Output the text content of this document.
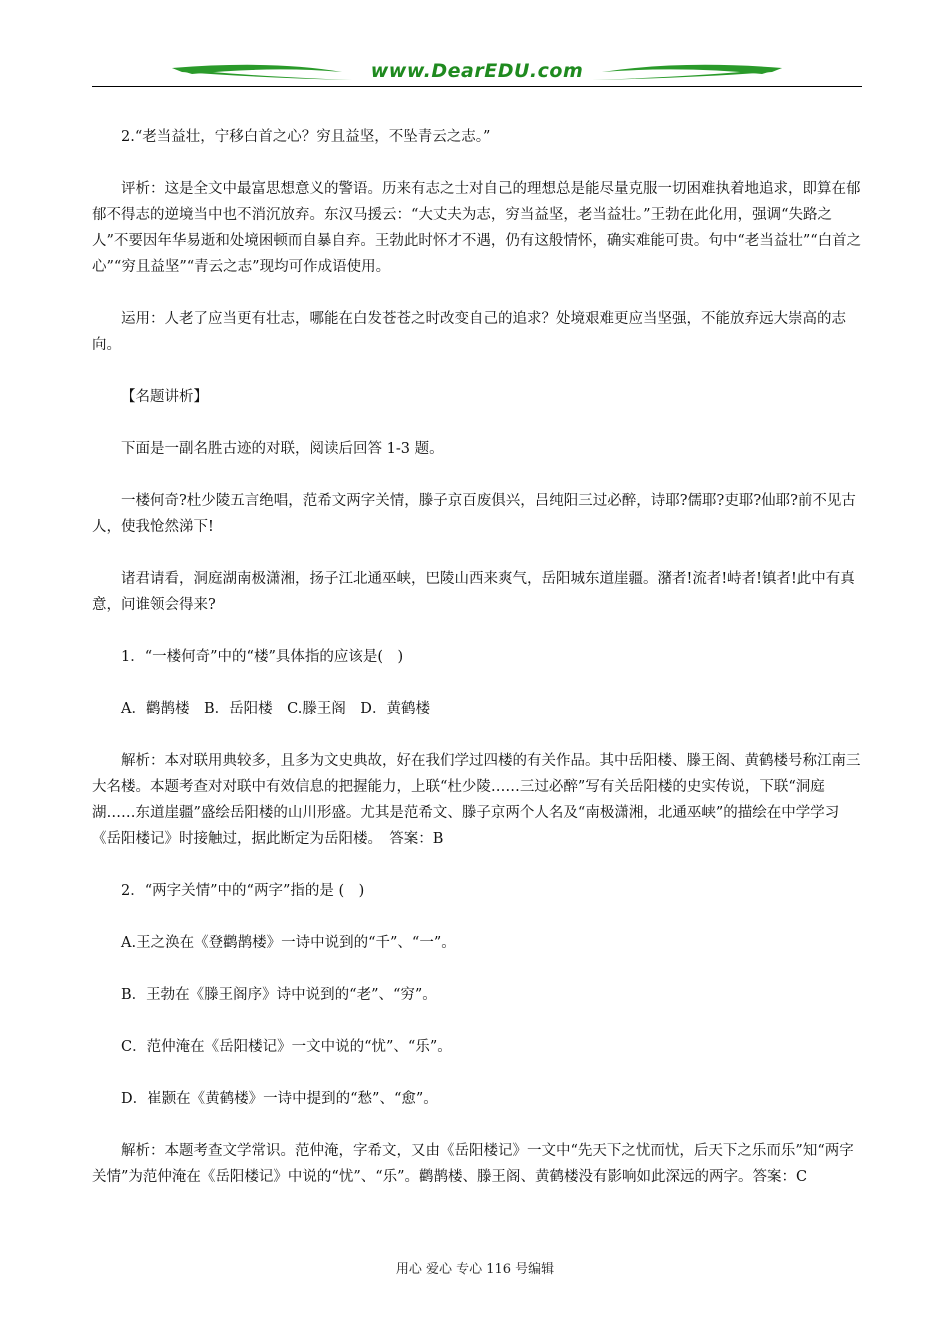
www.DearEDU.com

2.“老当益壮，宁移白首之心？穷且益坚，不坠青云之志。”

评析：这是全文中最富思想意义的警语。历来有志之士对自己的理想总是能尽量克服一切困难执着地追求，即算在郁郁不得志的逆境当中也不消沉放弃。东汉马援云：“大丈夫为志，穷当益坚，老当益壮。”王勃在此化用，强调“失路之人”不要因年华易逝和处境困顿而自暴自弃。王勃此时怀才不遇，仍有这般情怀，确实难能可贵。句中“老当益壮”“白首之心”“穷且益坚”“青云之志”现均可作成语使用。

运用：人老了应当更有壮志，哪能在白发苍苍之时改变自己的追求？处境艰难更应当坚强，不能放弃远大崇高的志向。

【名题讲析】

下面是一副名胜古迹的对联，阅读后回答 1-3 题。

一楼何奇?杜少陵五言绝唱，范希文两字关情，滕子京百废俱兴，吕纯阳三过必醉，诗耶?儒耶?吏耶?仙耶?前不见古人，使我怆然涕下!

诸君请看，洞庭湖南极潇湘，扬子江北通巫峡，巴陵山西来爽气，岳阳城东道崖疆。潴者!流者!峙者!镇者!此中有真意，问谁领会得来?

1．“一楼何奇”中的“楼”具体指的应该是(　)

A．鹳鹊楼　B．岳阳楼　C.滕王阁　D．黄鹤楼

解析：本对联用典较多，且多为文史典故，好在我们学过四楼的有关作品。其中岳阳楼、滕王阁、黄鹤楼号称江南三大名楼。本题考查对对联中有效信息的把握能力，上联“杜少陵……三过必醉”写有关岳阳楼的史实传说，下联“洞庭湖……东道崖疆”盛绘岳阳楼的山川形盛。尤其是范希文、滕子京两个人名及“南极潇湘，北通巫峡”的描绘在中学学习《岳阳楼记》时接触过，据此断定为岳阳楼。　答案：B

2．“两字关情”中的“两字”指的是 (　)

A.王之涣在《登鹳鹊楼》一诗中说到的“千”、“一”。

B．王勃在《滕王阁序》诗中说到的“老”、“穷”。

C．范仲淹在《岳阳楼记》一文中说的“忧”、“乐”。

D．崔颢在《黄鹤楼》一诗中提到的“愁”、“愈”。

解析：本题考查文学常识。范仲淹，字希文，又由《岳阳楼记》一文中“先天下之忧而忧，后天下之乐而乐”知“两字关情”为范仲淹在《岳阳楼记》中说的“忧”、“乐”。鹳鹊楼、滕王阁、黄鹤楼没有影响如此深远的两字。答案：C

用心 爱心 专心 116 号编辑
